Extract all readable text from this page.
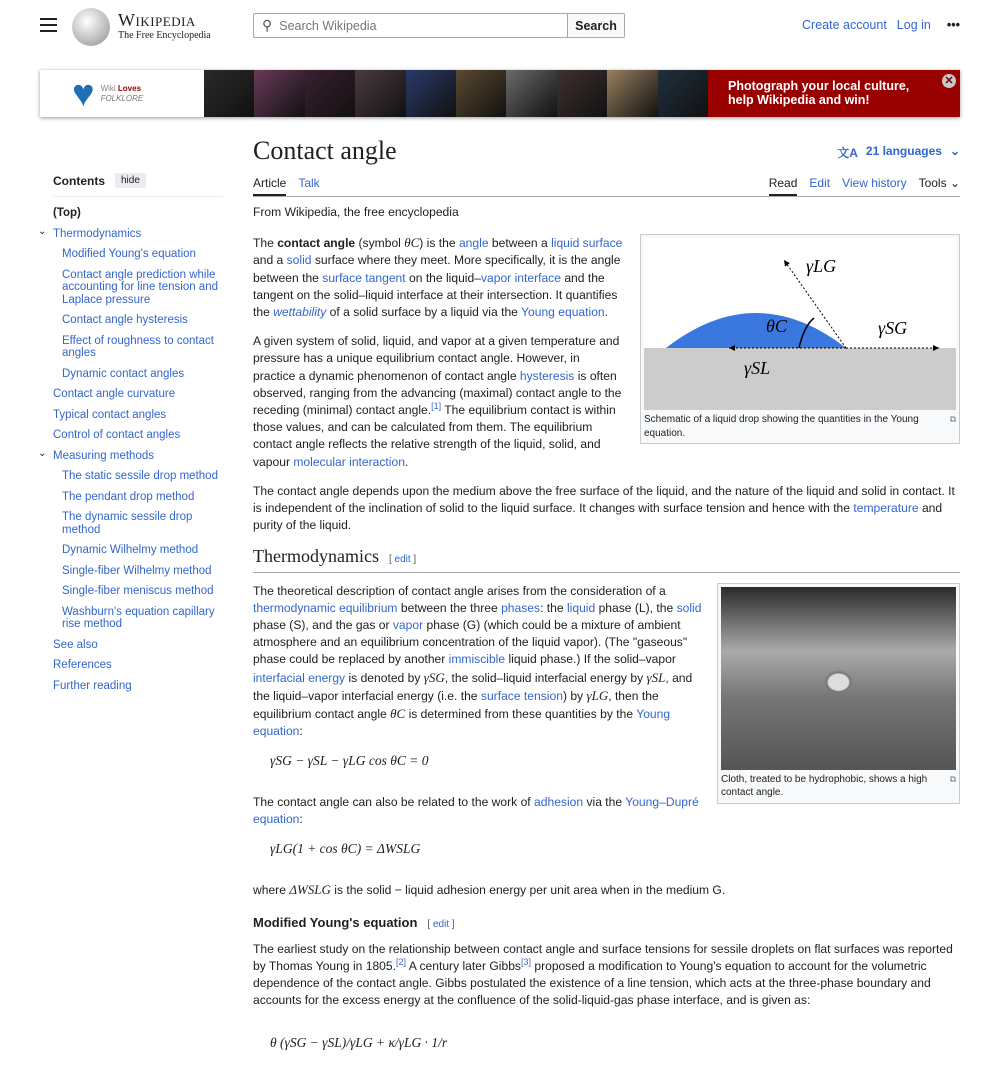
Wikipedia
The Free Encyclopedia
⚲ Search Wikipedia	Search	Create account Log in •••
♥ Wiki Loves
FOLKLORE
Photograph your local culture, help Wikipedia and win!
✕
Contents	hide
(Top)
⌄ Thermodynamics
Modified Young's equation
Contact angle prediction while accounting for line tension and Laplace pressure
Contact angle hysteresis
Effect of roughness to contact angles
Dynamic contact angles
Contact angle curvature
Typical contact angles
Control of contact angles
⌄ Measuring methods
The static sessile drop method
The pendant drop method
The dynamic sessile drop method
Dynamic Wilhelmy method
Single-fiber Wilhelmy method
Single-fiber meniscus method
Washburn's equation capillary rise method
See also
References
Further reading
Contact angle	文A 21 languages ⌄
Article Talk	Read Edit View history Tools ⌄

From Wikipedia, the free encyclopedia

γLG
γSG
γSL
θC
Schematic of a liquid drop showing the quantities in the Young equation.
⧉

The contact angle (symbol θC) is the angle between a liquid surface and a solid surface where they meet. More specifically, it is the angle between the surface tangent on the liquid–vapor interface and the tangent on the solid–liquid interface at their intersection. It quantifies the wettability of a solid surface by a liquid via the Young equation.

A given system of solid, liquid, and vapor at a given temperature and pressure has a unique equilibrium contact angle. However, in practice a dynamic phenomenon of contact angle hysteresis is often observed, ranging from the advancing (maximal) contact angle to the receding (minimal) contact angle.[1] The equilibrium contact is within those values, and can be calculated from them. The equilibrium contact angle reflects the relative strength of the liquid, solid, and vapour molecular interaction.

The contact angle depends upon the medium above the free surface of the liquid, and the nature of the liquid and solid in contact. It is independent of the inclination of solid to the liquid surface. It changes with surface tension and hence with the temperature and purity of the liquid.

Thermodynamics [ edit ]
Cloth, treated to be hydrophobic, shows a high contact angle.
⧉

The theoretical description of contact angle arises from the consideration of a thermodynamic equilibrium between the three phases: the liquid phase (L), the solid phase (S), and the gas or vapor phase (G) (which could be a mixture of ambient atmosphere and an equilibrium concentration of the liquid vapor). (The "gaseous" phase could be replaced by another immiscible liquid phase.) If the solid–vapor interfacial energy is denoted by γSG, the solid–liquid interfacial energy by γSL, and the liquid–vapor interfacial energy (i.e. the surface tension) by γLG, then the equilibrium contact angle θC is determined from these quantities by the Young equation:

γSG − γSL − γLG cos θC = 0

The contact angle can also be related to the work of adhesion via the Young–Dupré equation:

γLG(1 + cos θC) = ΔWSLG

where ΔWSLG is the solid − liquid adhesion energy per unit area when in the medium G.

Modified Young's equation [ edit ]

The earliest study on the relationship between contact angle and surface tensions for sessile droplets on flat surfaces was reported by Thomas Young in 1805.[2] A century later Gibbs[3] proposed a modification to Young's equation to account for the volumetric dependence of the contact angle. Gibbs postulated the existence of a line tension, which acts at the three-phase boundary and accounts for the excess energy at the confluence of the solid-liquid-gas phase interface, and is given as:

θ (γSG − γSL)/γLG + κ/γLG · 1/r
